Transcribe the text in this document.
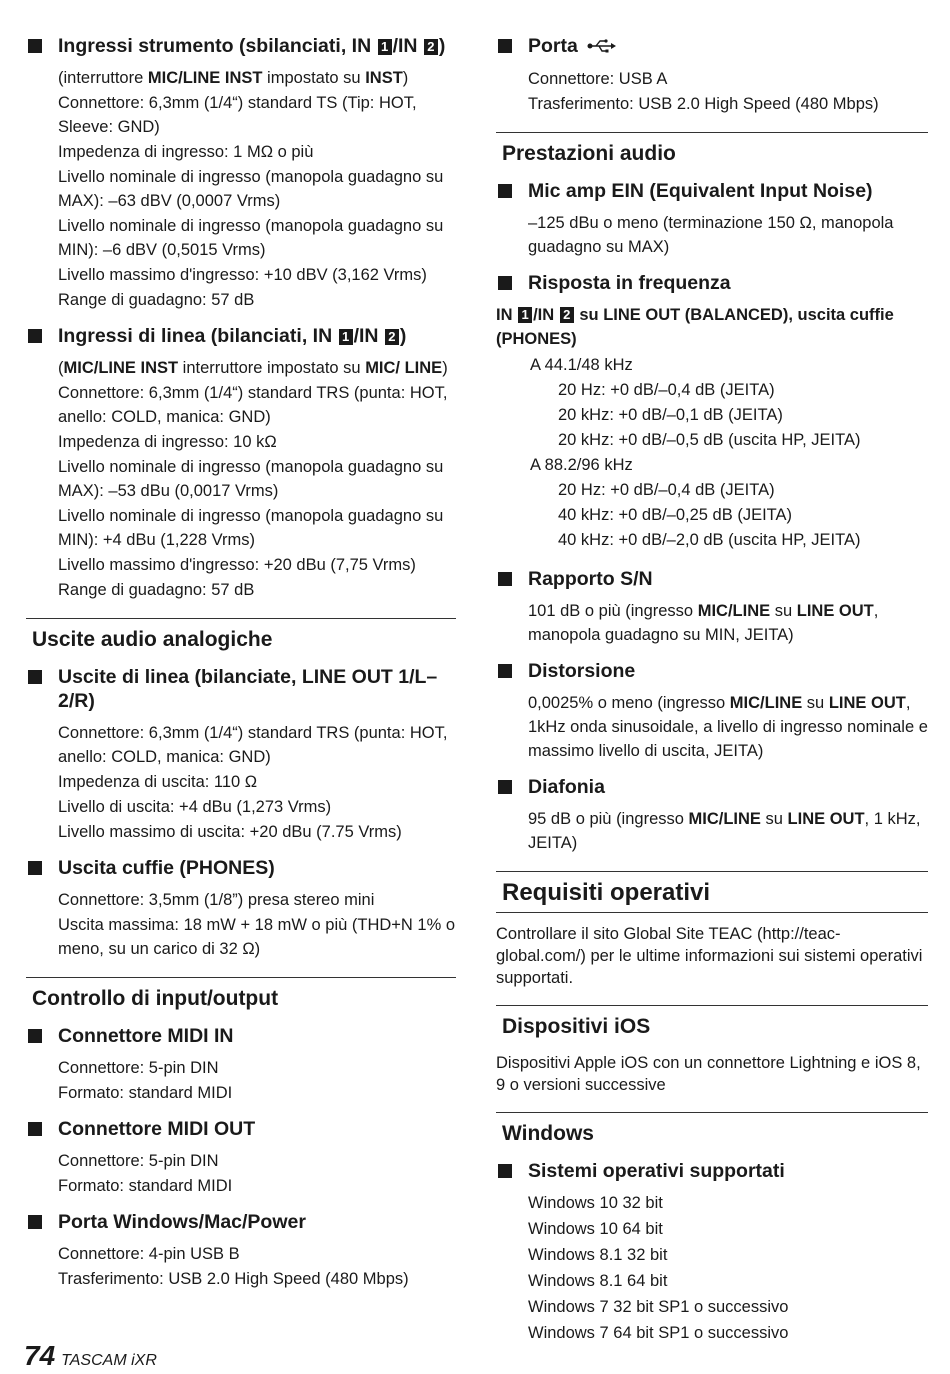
Ingressi strumento (sbilanciati, IN 1 /IN 2 )

(interruttore MIC/LINE INST impostato su INST)

Connettore: 6,3mm (1/4“) standard TS (Tip: HOT, Sleeve: GND)

Impedenza di ingresso: 1 MΩ o più

Livello nominale di ingresso (manopola guadagno su MAX): –63 dBV (0,0007 Vrms)

Livello nominale di ingresso (manopola guadagno su MIN): –6 dBV (0,5015 Vrms)

Livello massimo d'ingresso: +10 dBV (3,162 Vrms)

Range di guadagno: 57 dB

Ingressi di linea (bilanciati, IN 1 /IN 2 )

(MIC/LINE INST interruttore impostato su MIC/ LINE)

Connettore: 6,3mm (1/4“) standard TRS (punta: HOT, anello: COLD, manica: GND)

Impedenza di ingresso: 10 kΩ

Livello nominale di ingresso (manopola guadagno su MAX): –53 dBu (0,0017 Vrms)

Livello nominale di ingresso (manopola guadagno su MIN): +4 dBu (1,228 Vrms)

Livello massimo d'ingresso: +20 dBu (7,75 Vrms)

Range di guadagno: 57 dB

Uscite audio analogiche
Uscite di linea (bilanciate, LINE OUT 1/L–2/R)

Connettore: 6,3mm (1/4“) standard TRS (punta: HOT, anello: COLD, manica: GND)

Impedenza di uscita: 110 Ω

Livello di uscita: +4 dBu (1,273 Vrms)

Livello massimo di uscita: +20 dBu (7.75 Vrms)

Uscita cuffie (PHONES)

Connettore: 3,5mm (1/8”) presa stereo mini

Uscita massima: 18 mW + 18 mW o più (THD+N 1% o meno, su un carico di 32 Ω)

Controllo di input/output
Connettore MIDI IN

Connettore: 5-pin DIN

Formato: standard MIDI

Connettore MIDI OUT

Connettore: 5-pin DIN

Formato: standard MIDI

Porta Windows/Mac/Power

Connettore: 4-pin USB B

Trasferimento: USB 2.0 High Speed (480 Mbps)

Porta

Connettore: USB A

Trasferimento: USB 2.0 High Speed (480 Mbps)

Prestazioni audio
Mic amp EIN (Equivalent Input Noise)

–125 dBu o meno (terminazione 150 Ω, manopola guadagno su MAX)

Risposta in frequenza
IN 1 /IN 2 su LINE OUT (BALANCED), uscita cuffie (PHONES)
A 44.1/48 kHz
20 Hz: +0 dB/–0,4 dB (JEITA)
20 kHz: +0 dB/–0,1 dB (JEITA)
20 kHz: +0 dB/–0,5 dB (uscita HP, JEITA)
A 88.2/96 kHz
20 Hz: +0 dB/–0,4 dB (JEITA)
40 kHz: +0 dB/–0,25 dB (JEITA)
40 kHz: +0 dB/–2,0 dB (uscita HP, JEITA)
Rapporto S/N

101 dB o più (ingresso MIC/LINE su LINE OUT, manopola guadagno su MIN, JEITA)

Distorsione

0,0025% o meno (ingresso MIC/LINE su LINE OUT, 1kHz onda sinusoidale, a livello di ingresso nominale e massimo livello di uscita, JEITA)

Diafonia

95 dB o più (ingresso MIC/LINE su LINE OUT, 1 kHz, JEITA)

Requisiti operativi
Controllare il sito Global Site TEAC (http://teac-global.com/) per le ultime informazioni sui sistemi operativi supportati.
Dispositivi iOS
Dispositivi Apple iOS con un connettore Lightning e iOS 8, 9 o versioni successive
Windows
Sistemi operativi supportati

Windows 10 32 bit

Windows 10 64 bit

Windows 8.1 32 bit

Windows 8.1 64 bit

Windows 7 32 bit SP1 o successivo

Windows 7 64 bit SP1 o successivo

74 TASCAM iXR
